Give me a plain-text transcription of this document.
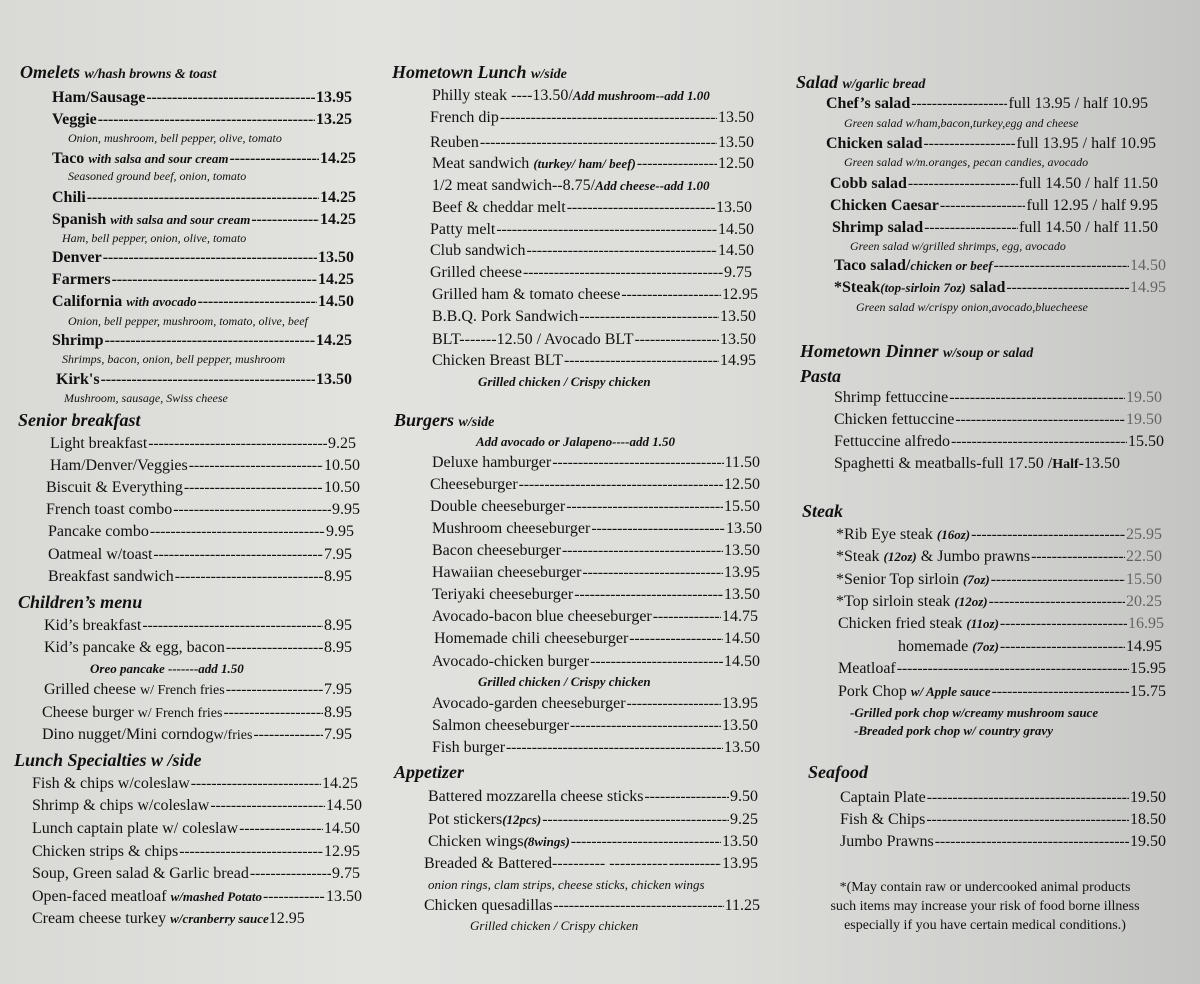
Omelets w/hash browns & toast
Ham/Sausage - - -	13.95
Veggie - - -	13.25
Onion, mushroom, bell pepper, olive, tomato
Taco with salsa and sour cream - - -	14.25
Seasoned ground beef, onion, tomato
Chili - - -	14.25
Spanish with salsa and sour cream - - -	14.25
Ham, bell pepper, onion, olive, tomato
Denver - - -	13.50
Farmers - - -	14.25
California with avocado - - -	14.50
Onion, bell pepper, mushroom, tomato, olive, beef
Shrimp - - -	14.25
Shrimps, bacon, onion, bell pepper, mushroom
Kirk's - - -	13.50
Mushroom, sausage, Swiss cheese
Senior breakfast
Light breakfast - - -	9.25
Ham/Denver/Veggies - - -	10.50
Biscuit & Everything - - -	10.50
French toast combo - - -	9.95
Pancake combo - - -	9.95
Oatmeal w/toast - - -	7.95
Breakfast sandwich - - -	8.95
Children’s menu
Kid’s breakfast - - -	8.95
Kid’s pancake & egg, bacon - - -	8.95
Oreo pancake -------add 1.50
Grilled cheese w/ French fries - - -	7.95
Cheese burger w/ French fries - - -	8.95
Dino nugget/Mini corndogw/fries - - -	7.95
Lunch Specialties w /side
Fish & chips w/coleslaw - - -	14.25
Shrimp & chips w/coleslaw - - -	14.50
Lunch captain plate w/ coleslaw - - -	14.50
Chicken strips & chips - - -	12.95
Soup, Green salad & Garlic bread - - -	9.75
Open-faced meatloaf w/mashed Potato - - -	13.50
Cream cheese turkey w/cranberry sauce 12.95
Hometown Lunch w/side
Philly steak ----13.50/Add mushroom--add 1.00
French dip - - -	13.50
Reuben - - -	13.50
Meat sandwich (turkey/ ham/ beef) - - -	12.50
1/2 meat sandwich--8.75/Add cheese--add 1.00
Beef & cheddar melt - - -	13.50
Patty melt - - -	14.50
Club sandwich - - -	14.50
Grilled cheese - - -	9.75
Grilled ham & tomato cheese - - -	12.95
B.B.Q. Pork Sandwich - - -	13.50
BLT-------12.50 / Avocado BLT - - -	13.50
Chicken Breast BLT - - -	14.95
Grilled chicken / Crispy chicken
Burgers w/side
Add avocado or Jalapeno----add 1.50
Deluxe hamburger - - -	11.50
Cheeseburger - - -	12.50
Double cheeseburger - - -	15.50
Mushroom cheeseburger - - -	13.50
Bacon cheeseburger - - -	13.50
Hawaiian cheeseburger - - -	13.95
Teriyaki cheeseburger - - -	13.50
Avocado-bacon blue cheeseburger - - -	14.75
Homemade chili cheeseburger - - -	14.50
Avocado-chicken burger - - -	14.50
Grilled chicken / Crispy chicken
Avocado-garden cheeseburger - - -	13.95
Salmon cheeseburger - - -	13.50
Fish burger - - -	13.50
Appetizer
Battered mozzarella cheese sticks - - -	9.50
Pot stickers(12pcs) - - -	9.25
Chicken wings(8wings) - - -	13.50
Breaded & Battered---------- ----------- - - -	13.95
onion rings, clam strips, cheese sticks, chicken wings
Chicken quesadillas - - -	11.25
Grilled chicken / Crispy chicken
Salad w/garlic bread
Chef’s salad - - -	full 13.95 / half 10.95
Green salad w/ham,bacon,turkey,egg and cheese
Chicken salad - - -	full 13.95 / half 10.95
Green salad w/m.oranges, pecan candies, avocado
Cobb salad - - -	full 14.50 / half 11.50
Chicken Caesar - - -	full 12.95 / half 9.95
Shrimp salad - - -	full 14.50 / half 11.50
Green salad w/grilled shrimps, egg, avocado
Taco salad/chicken or beef - - -	14.50
*Steak(top-sirloin 7oz) salad - - -	14.95
Green salad w/crispy onion,avocado,bluecheese
Hometown Dinner w/soup or salad
Pasta
Shrimp fettuccine - - -	19.50
Chicken fettuccine - - -	19.50
Fettuccine alfredo - - -	15.50
Spaghetti & meatballs-full 17.50 /Half-13.50
Steak
*Rib Eye steak (16oz) - - -	25.95
*Steak (12oz) & Jumbo prawns - - -	22.50
*Senior Top sirloin (7oz) - - -	15.50
*Top sirloin steak (12oz) - - -	20.25
Chicken fried steak (11oz) - - -	16.95
homemade (7oz) - - -	14.95
Meatloaf - - -	15.95
Pork Chop w/ Apple sauce - - -	15.75
-Grilled pork chop w/creamy mushroom sauce
-Breaded pork chop w/ country gravy
Seafood
Captain Plate - - -	19.50
Fish & Chips - - -	18.50
Jumbo Prawns - - -	19.50
*(May contain raw or undercooked animal products
such items may increase your risk of food borne illness
especially if you have certain medical conditions.)
